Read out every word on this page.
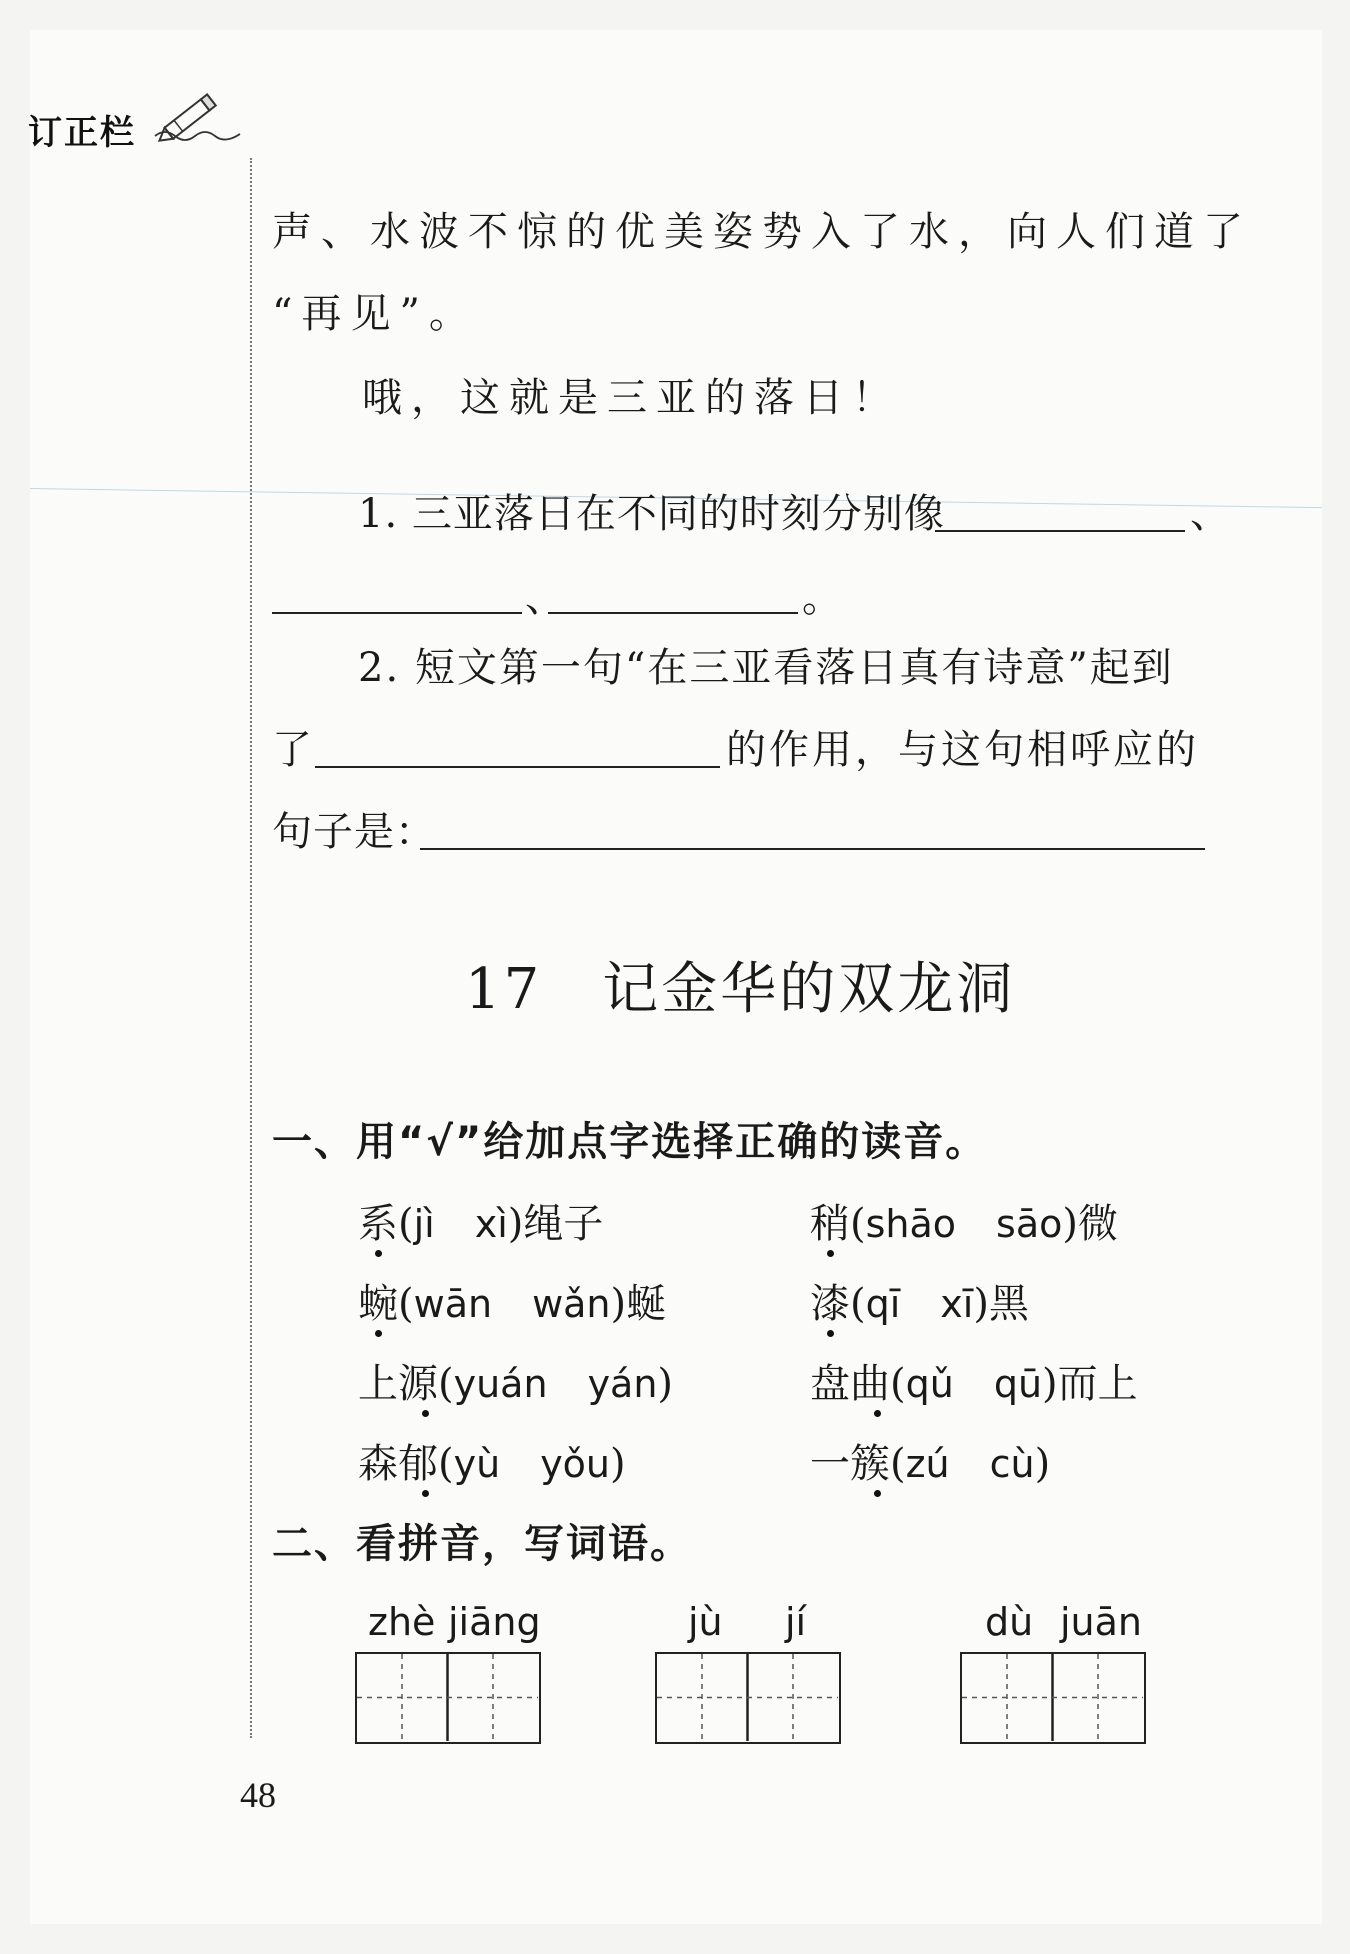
订正栏
声、水波不惊的优美姿势入了水，向人们道了
“再见”。
哦，这就是三亚的落日！
1. 三亚落日在不同的时刻分别像	、
、	。
2. 短文第一句“在三亚看落日真有诗意”起到
了	的作用，与这句相呼应的
句子是：
17 记金华的双龙洞
一、用“√”给加点字选择正确的读音。
系(jì xì)绳子	稍(shāo sāo)微
蜿(wān wǎn)蜒	漆(qī xī)黑
上源(yuán yán)	盘曲(qǔ qū)而上
森郁(yù yǒu)	一簇(zú cù)
二、看拼音，写词语。
zhè jiāng	jù jí	dù juān
48
